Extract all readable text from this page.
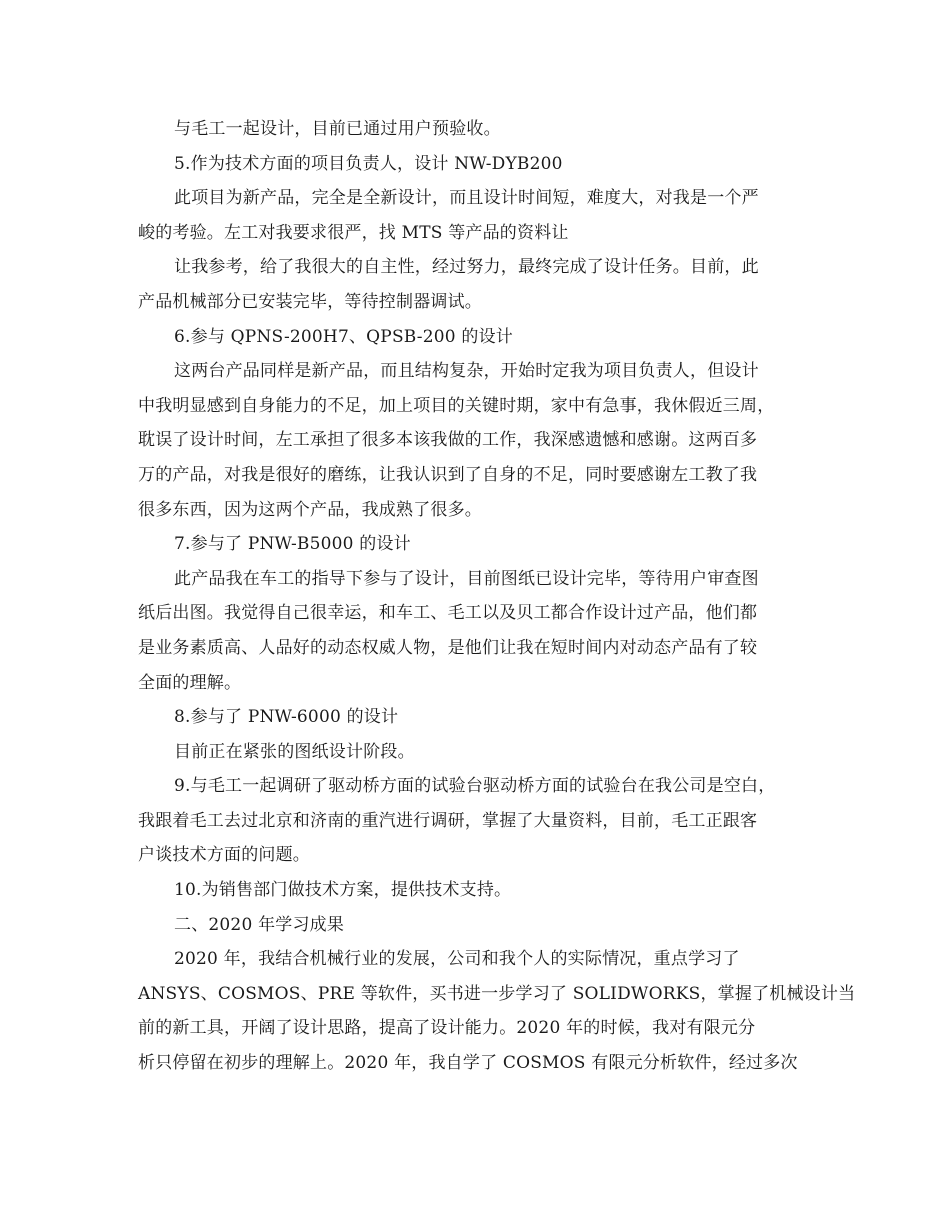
与毛工一起设计，目前已通过用户预验收。
5.作为技术方面的项目负责人，设计 NW-DYB200
此项目为新产品，完全是全新设计，而且设计时间短，难度大，对我是一个严
峻的考验。左工对我要求很严，找 MTS 等产品的资料让
让我参考，给了我很大的自主性，经过努力，最终完成了设计任务。目前，此
产品机械部分已安装完毕，等待控制器调试。
6.参与 QPNS-200H7、QPSB-200 的设计
这两台产品同样是新产品，而且结构复杂，开始时定我为项目负责人，但设计
中我明显感到自身能力的不足，加上项目的关键时期，家中有急事，我休假近三周，
耽误了设计时间，左工承担了很多本该我做的工作，我深感遗憾和感谢。这两百多
万的产品，对我是很好的磨练，让我认识到了自身的不足，同时要感谢左工教了我
很多东西，因为这两个产品，我成熟了很多。
7.参与了 PNW-B5000 的设计
此产品我在车工的指导下参与了设计，目前图纸已设计完毕，等待用户审查图
纸后出图。我觉得自己很幸运，和车工、毛工以及贝工都合作设计过产品，他们都
是业务素质高、人品好的动态权威人物，是他们让我在短时间内对动态产品有了较
全面的理解。
8.参与了 PNW-6000 的设计
目前正在紧张的图纸设计阶段。
9.与毛工一起调研了驱动桥方面的试验台驱动桥方面的试验台在我公司是空白，
我跟着毛工去过北京和济南的重汽进行调研，掌握了大量资料，目前，毛工正跟客
户谈技术方面的问题。
10.为销售部门做技术方案，提供技术支持。
二、2020 年学习成果
2020 年，我结合机械行业的发展，公司和我个人的实际情况，重点学习了
ANSYS、COSMOS、PRE 等软件，买书进一步学习了 SOLIDWORKS，掌握了机械设计当
前的新工具，开阔了设计思路，提高了设计能力。2020 年的时候，我对有限元分
析只停留在初步的理解上。2020 年，我自学了 COSMOS 有限元分析软件，经过多次
